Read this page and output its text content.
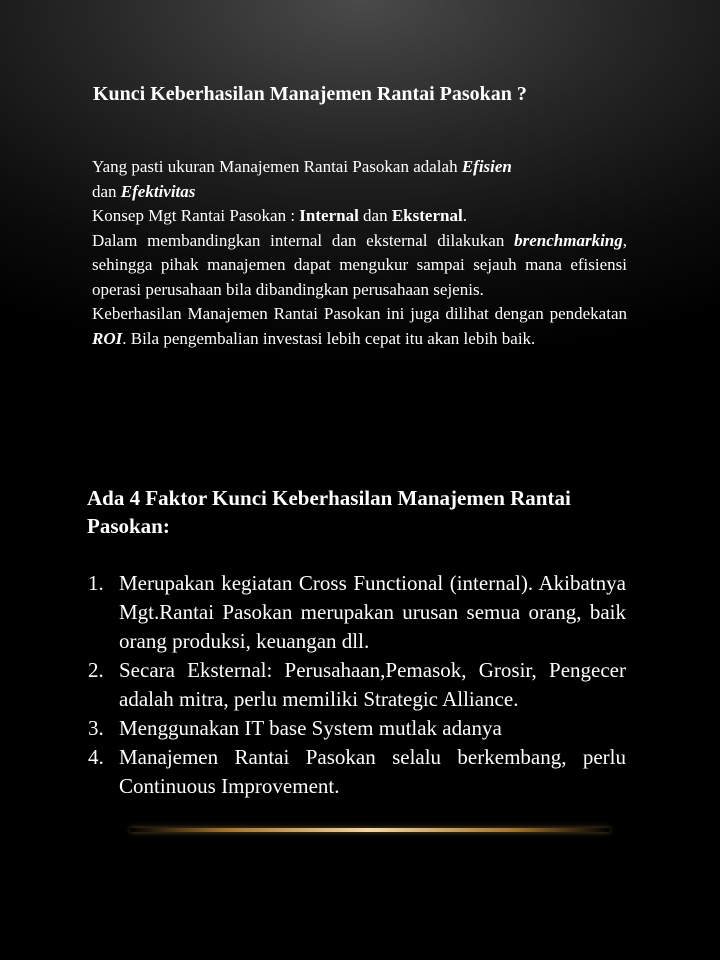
Kunci Keberhasilan Manajemen Rantai Pasokan ?

Yang pasti ukuran Manajemen Rantai Pasokan adalah Efisien
dan Efektivitas

Konsep Mgt Rantai Pasokan : Internal dan Eksternal.

Dalam membandingkan internal dan eksternal dilakukan brenchmarking, sehingga pihak manajemen dapat mengukur sampai sejauh mana efisiensi operasi perusahaan bila dibandingkan perusahaan sejenis.

Keberhasilan Manajemen Rantai Pasokan ini juga dilihat dengan pendekatan ROI. Bila pengembalian investasi lebih cepat itu akan lebih baik.

Ada 4 Faktor Kunci Keberhasilan Manajemen Rantai Pasokan:
1. Merupakan kegiatan Cross Functional (internal). Akibatnya Mgt.Rantai Pasokan merupakan urusan semua orang, baik orang produksi, keuangan dll.
2. Secara Eksternal: Perusahaan,Pemasok, Grosir, Pengecer adalah mitra, perlu memiliki Strategic Alliance.
3. Menggunakan IT base System mutlak adanya
4. Manajemen Rantai Pasokan selalu berkembang, perlu Continuous Improvement.
